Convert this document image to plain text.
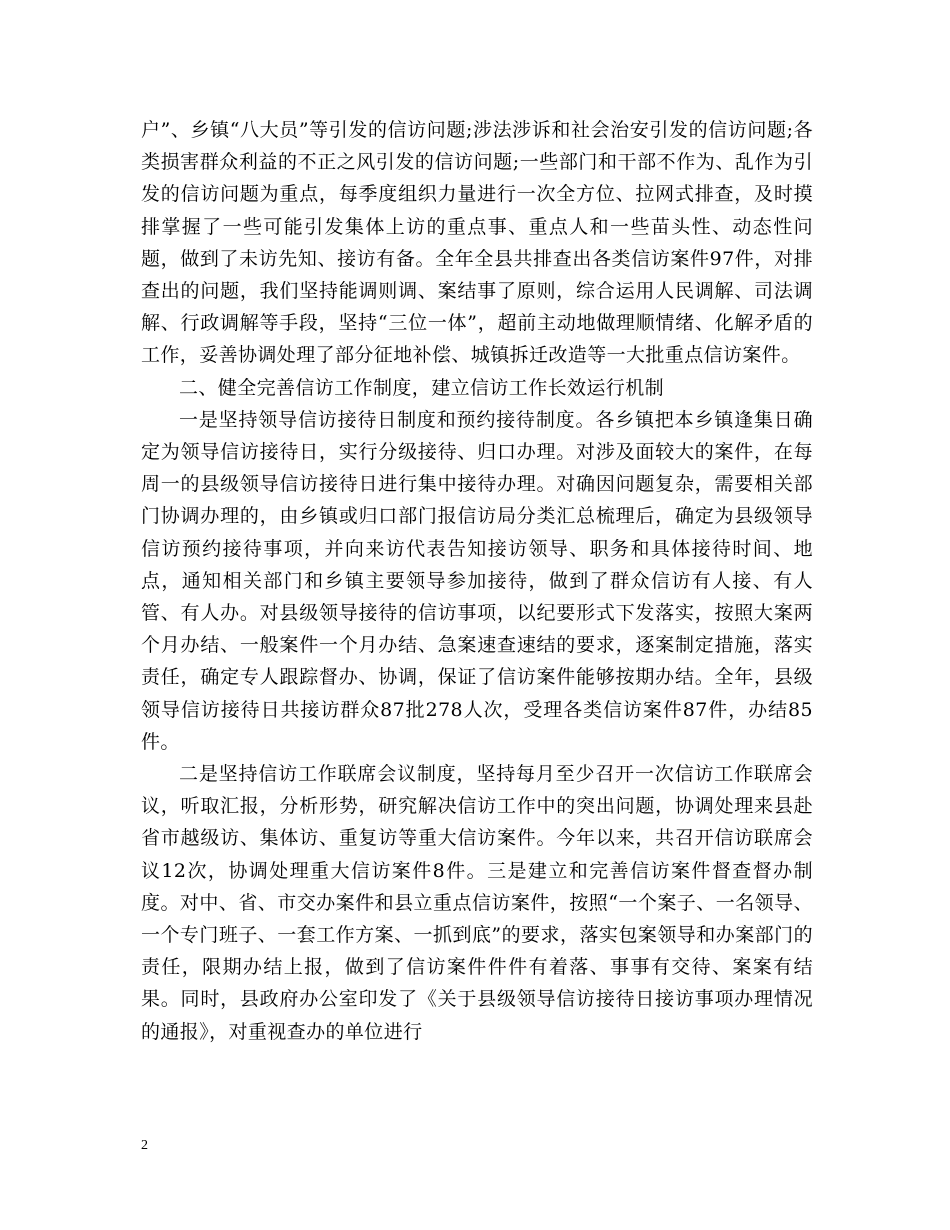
户”、乡镇“八大员”等引发的信访问题;涉法涉诉和社会治安引发的信访问题;各类损害群众利益的不正之风引发的信访问题;一些部门和干部不作为、乱作为引发的信访问题为重点，每季度组织力量进行一次全方位、拉网式排查，及时摸排掌握了一些可能引发集体上访的重点事、重点人和一些苗头性、动态性问题，做到了未访先知、接访有备。全年全县共排查出各类信访案件97件，对排查出的问题，我们坚持能调则调、案结事了原则，综合运用人民调解、司法调解、行政调解等手段，坚持“三位一体”，超前主动地做理顺情绪、化解矛盾的工作，妥善协调处理了部分征地补偿、城镇拆迁改造等一大批重点信访案件。

二、健全完善信访工作制度，建立信访工作长效运行机制

一是坚持领导信访接待日制度和预约接待制度。各乡镇把本乡镇逢集日确定为领导信访接待日，实行分级接待、归口办理。对涉及面较大的案件，在每周一的县级领导信访接待日进行集中接待办理。对确因问题复杂，需要相关部门协调办理的，由乡镇或归口部门报信访局分类汇总梳理后，确定为县级领导信访预约接待事项，并向来访代表告知接访领导、职务和具体接待时间、地点，通知相关部门和乡镇主要领导参加接待，做到了群众信访有人接、有人管、有人办。对县级领导接待的信访事项，以纪要形式下发落实，按照大案两个月办结、一般案件一个月办结、急案速查速结的要求，逐案制定措施，落实责任，确定专人跟踪督办、协调，保证了信访案件能够按期办结。全年，县级领导信访接待日共接访群众87批278人次，受理各类信访案件87件，办结85件。

二是坚持信访工作联席会议制度，坚持每月至少召开一次信访工作联席会议，听取汇报，分析形势，研究解决信访工作中的突出问题，协调处理来县赴省市越级访、集体访、重复访等重大信访案件。今年以来，共召开信访联席会议12次，协调处理重大信访案件8件。三是建立和完善信访案件督查督办制度。对中、省、市交办案件和县立重点信访案件，按照“一个案子、一名领导、一个专门班子、一套工作方案、一抓到底”的要求，落实包案领导和办案部门的责任，限期办结上报，做到了信访案件件件有着落、事事有交待、案案有结果。同时，县政府办公室印发了《关于县级领导信访接待日接访事项办理情况的通报》，对重视查办的单位进行

2
